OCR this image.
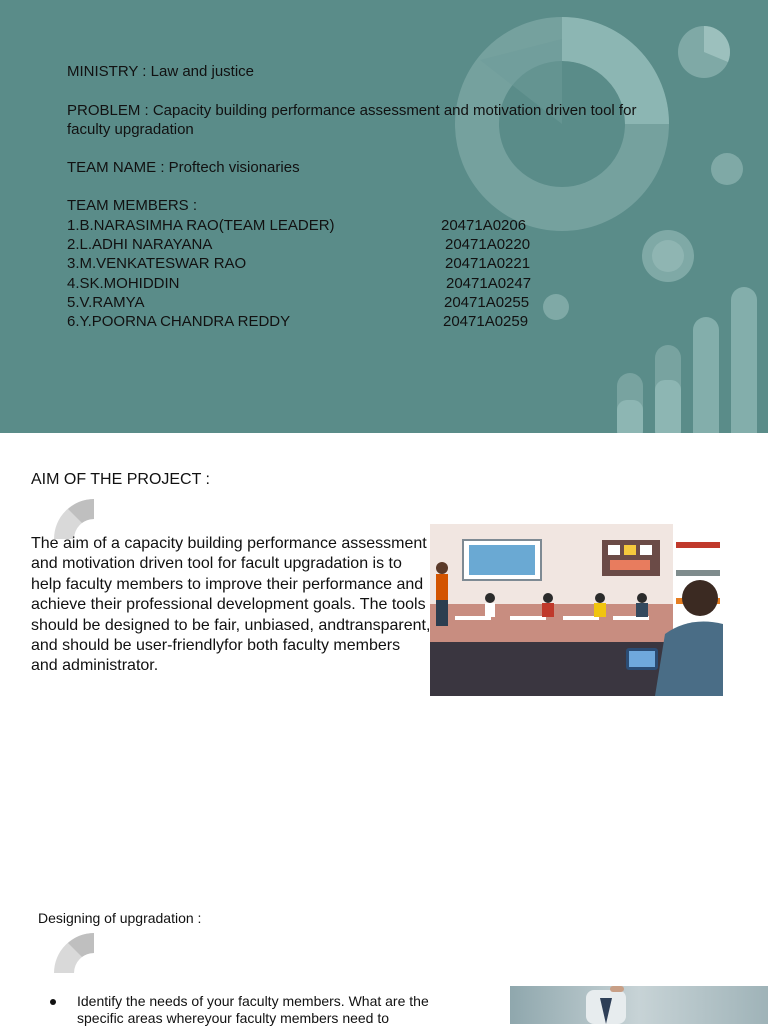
MINISTRY : Law and justice
PROBLEM : Capacity building performance assessment and motivation driven tool for
faculty upgradation
TEAM NAME : Proftech visionaries
TEAM MEMBERS :
1.B.NARASIMHA RAO(TEAM LEADER)	20471A0206
2.L.ADHI NARAYANA	20471A0220
3.M.VENKATESWAR RAO	20471A0221
4.SK.MOHIDDIN	20471A0247
5.V.RAMYA	20471A0255
6.Y.POORNA CHANDRA REDDY	20471A0259
AIM OF THE PROJECT :
The aim of a capacity building performance assessment and motivation driven tool for facult upgradation is to help faculty members to improve their performance and achieve their professional development goals. The tools should be designed to be fair, unbiased, andtransparent, and should be user-friendlyfor both faculty members and administrator.
Designing of upgradation :
Identify the needs of your faculty members. What are the specific areas whereyour faculty members need to
